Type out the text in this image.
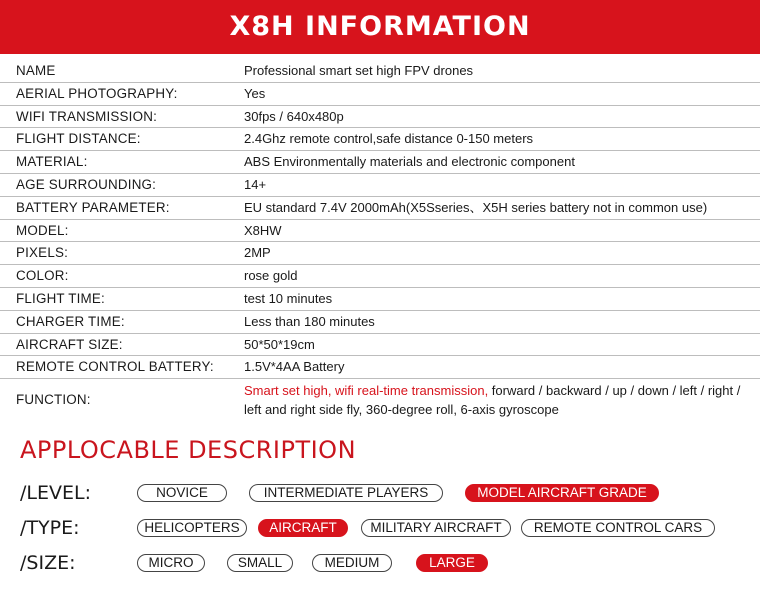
X8H INFORMATION
NAME	Professional smart set high FPV drones
AERIAL PHOTOGRAPHY:	Yes
WIFI TRANSMISSION:	30fps / 640x480p
FLIGHT DISTANCE:	2.4Ghz remote control,safe distance 0-150 meters
MATERIAL:	ABS Environmentally materials and electronic component
AGE SURROUNDING:	14+
BATTERY PARAMETER:	EU standard 7.4V 2000mAh(X5Sseries、X5H series battery not in common use)
MODEL:	X8HW
PIXELS:	2MP
COLOR:	rose gold
FLIGHT TIME:	test 10 minutes
CHARGER TIME:	Less than 180 minutes
AIRCRAFT SIZE:	50*50*19cm
REMOTE CONTROL BATTERY: 1.5V*4AA Battery
FUNCTION:
Smart set high, wifi real-time transmission, forward / backward / up / down / left / right / left and right side fly, 360-degree roll, 6-axis gyroscope
APPLOCABLE DESCRIPTION
/LEVEL:	NOVICE	INTERMEDIATE PLAYERS	MODEL AIRCRAFT GRADE
/TYPE:	HELICOPTERS	AIRCRAFT	MILITARY AIRCRAFT	REMOTE CONTROL CARS
/SIZE:	MICRO	SMALL	MEDIUM	LARGE
